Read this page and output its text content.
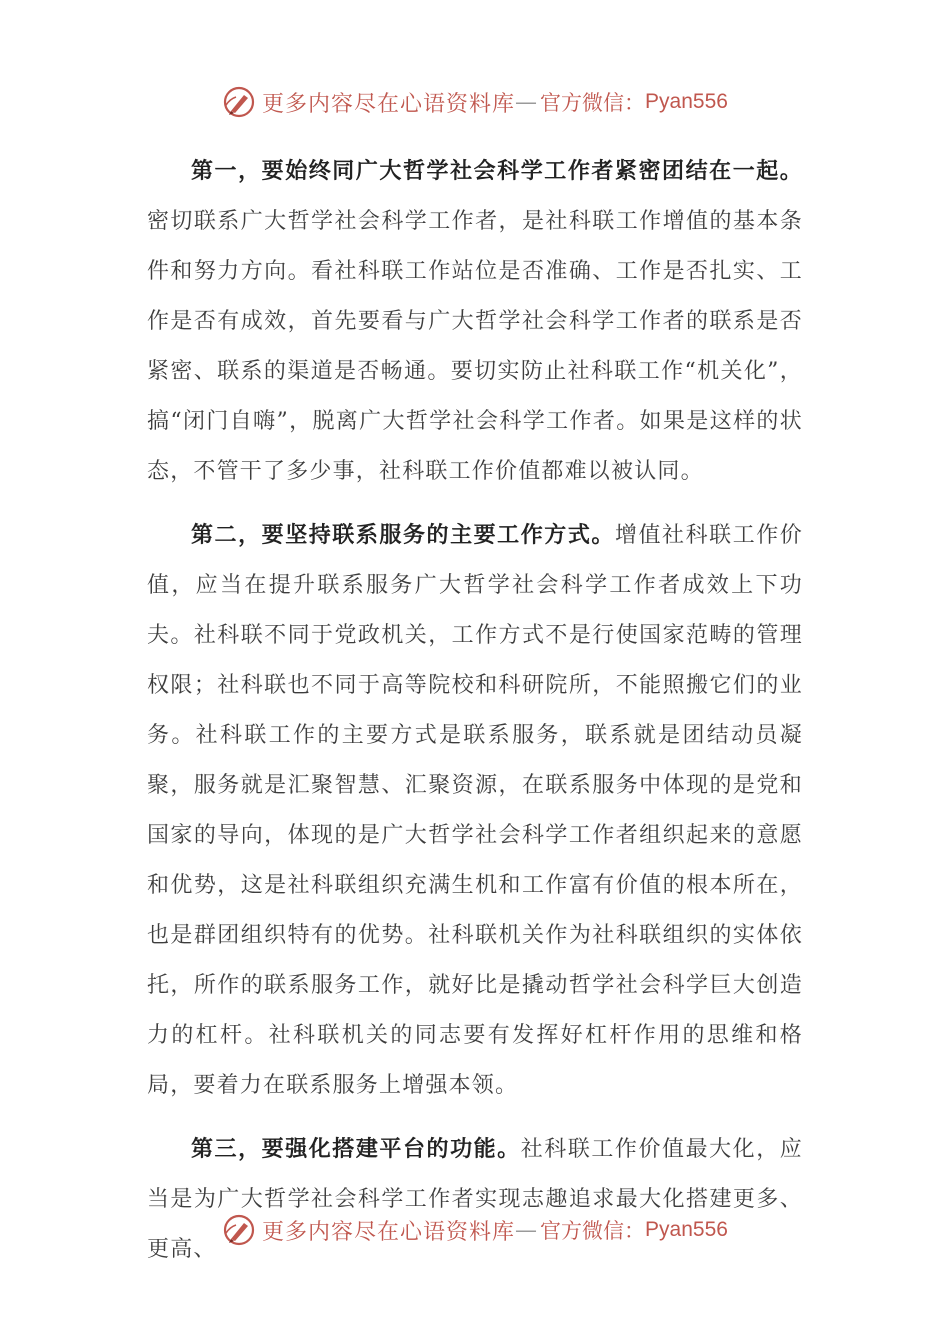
更多内容尽在心语资料库 — 官方微信： Pyan556

第一，要始终同广大哲学社会科学工作者紧密团结在一起。密切联系广大哲学社会科学工作者，是社科联工作增值的基本条件和努力方向。看社科联工作站位是否准确、工作是否扎实、工作是否有成效，首先要看与广大哲学社会科学工作者的联系是否紧密、联系的渠道是否畅通。要切实防止社科联工作“机关化”，搞“闭门自嗨”，脱离广大哲学社会科学工作者。如果是这样的状态，不管干了多少事，社科联工作价值都难以被认同。

第二，要坚持联系服务的主要工作方式。增值社科联工作价值，应当在提升联系服务广大哲学社会科学工作者成效上下功夫。社科联不同于党政机关，工作方式不是行使国家范畴的管理权限；社科联也不同于高等院校和科研院所，不能照搬它们的业务。社科联工作的主要方式是联系服务，联系就是团结动员凝聚，服务就是汇聚智慧、汇聚资源，在联系服务中体现的是党和国家的导向，体现的是广大哲学社会科学工作者组织起来的意愿和优势，这是社科联组织充满生机和工作富有价值的根本所在，也是群团组织特有的优势。社科联机关作为社科联组织的实体依托，所作的联系服务工作，就好比是撬动哲学社会科学巨大创造力的杠杆。社科联机关的同志要有发挥好杠杆作用的思维和格局，要着力在联系服务上增强本领。

第三，要强化搭建平台的功能。社科联工作价值最大化，应当是为广大哲学社会科学工作者实现志趣追求最大化搭建更多、更高、

更多内容尽在心语资料库 — 官方微信： Pyan556
